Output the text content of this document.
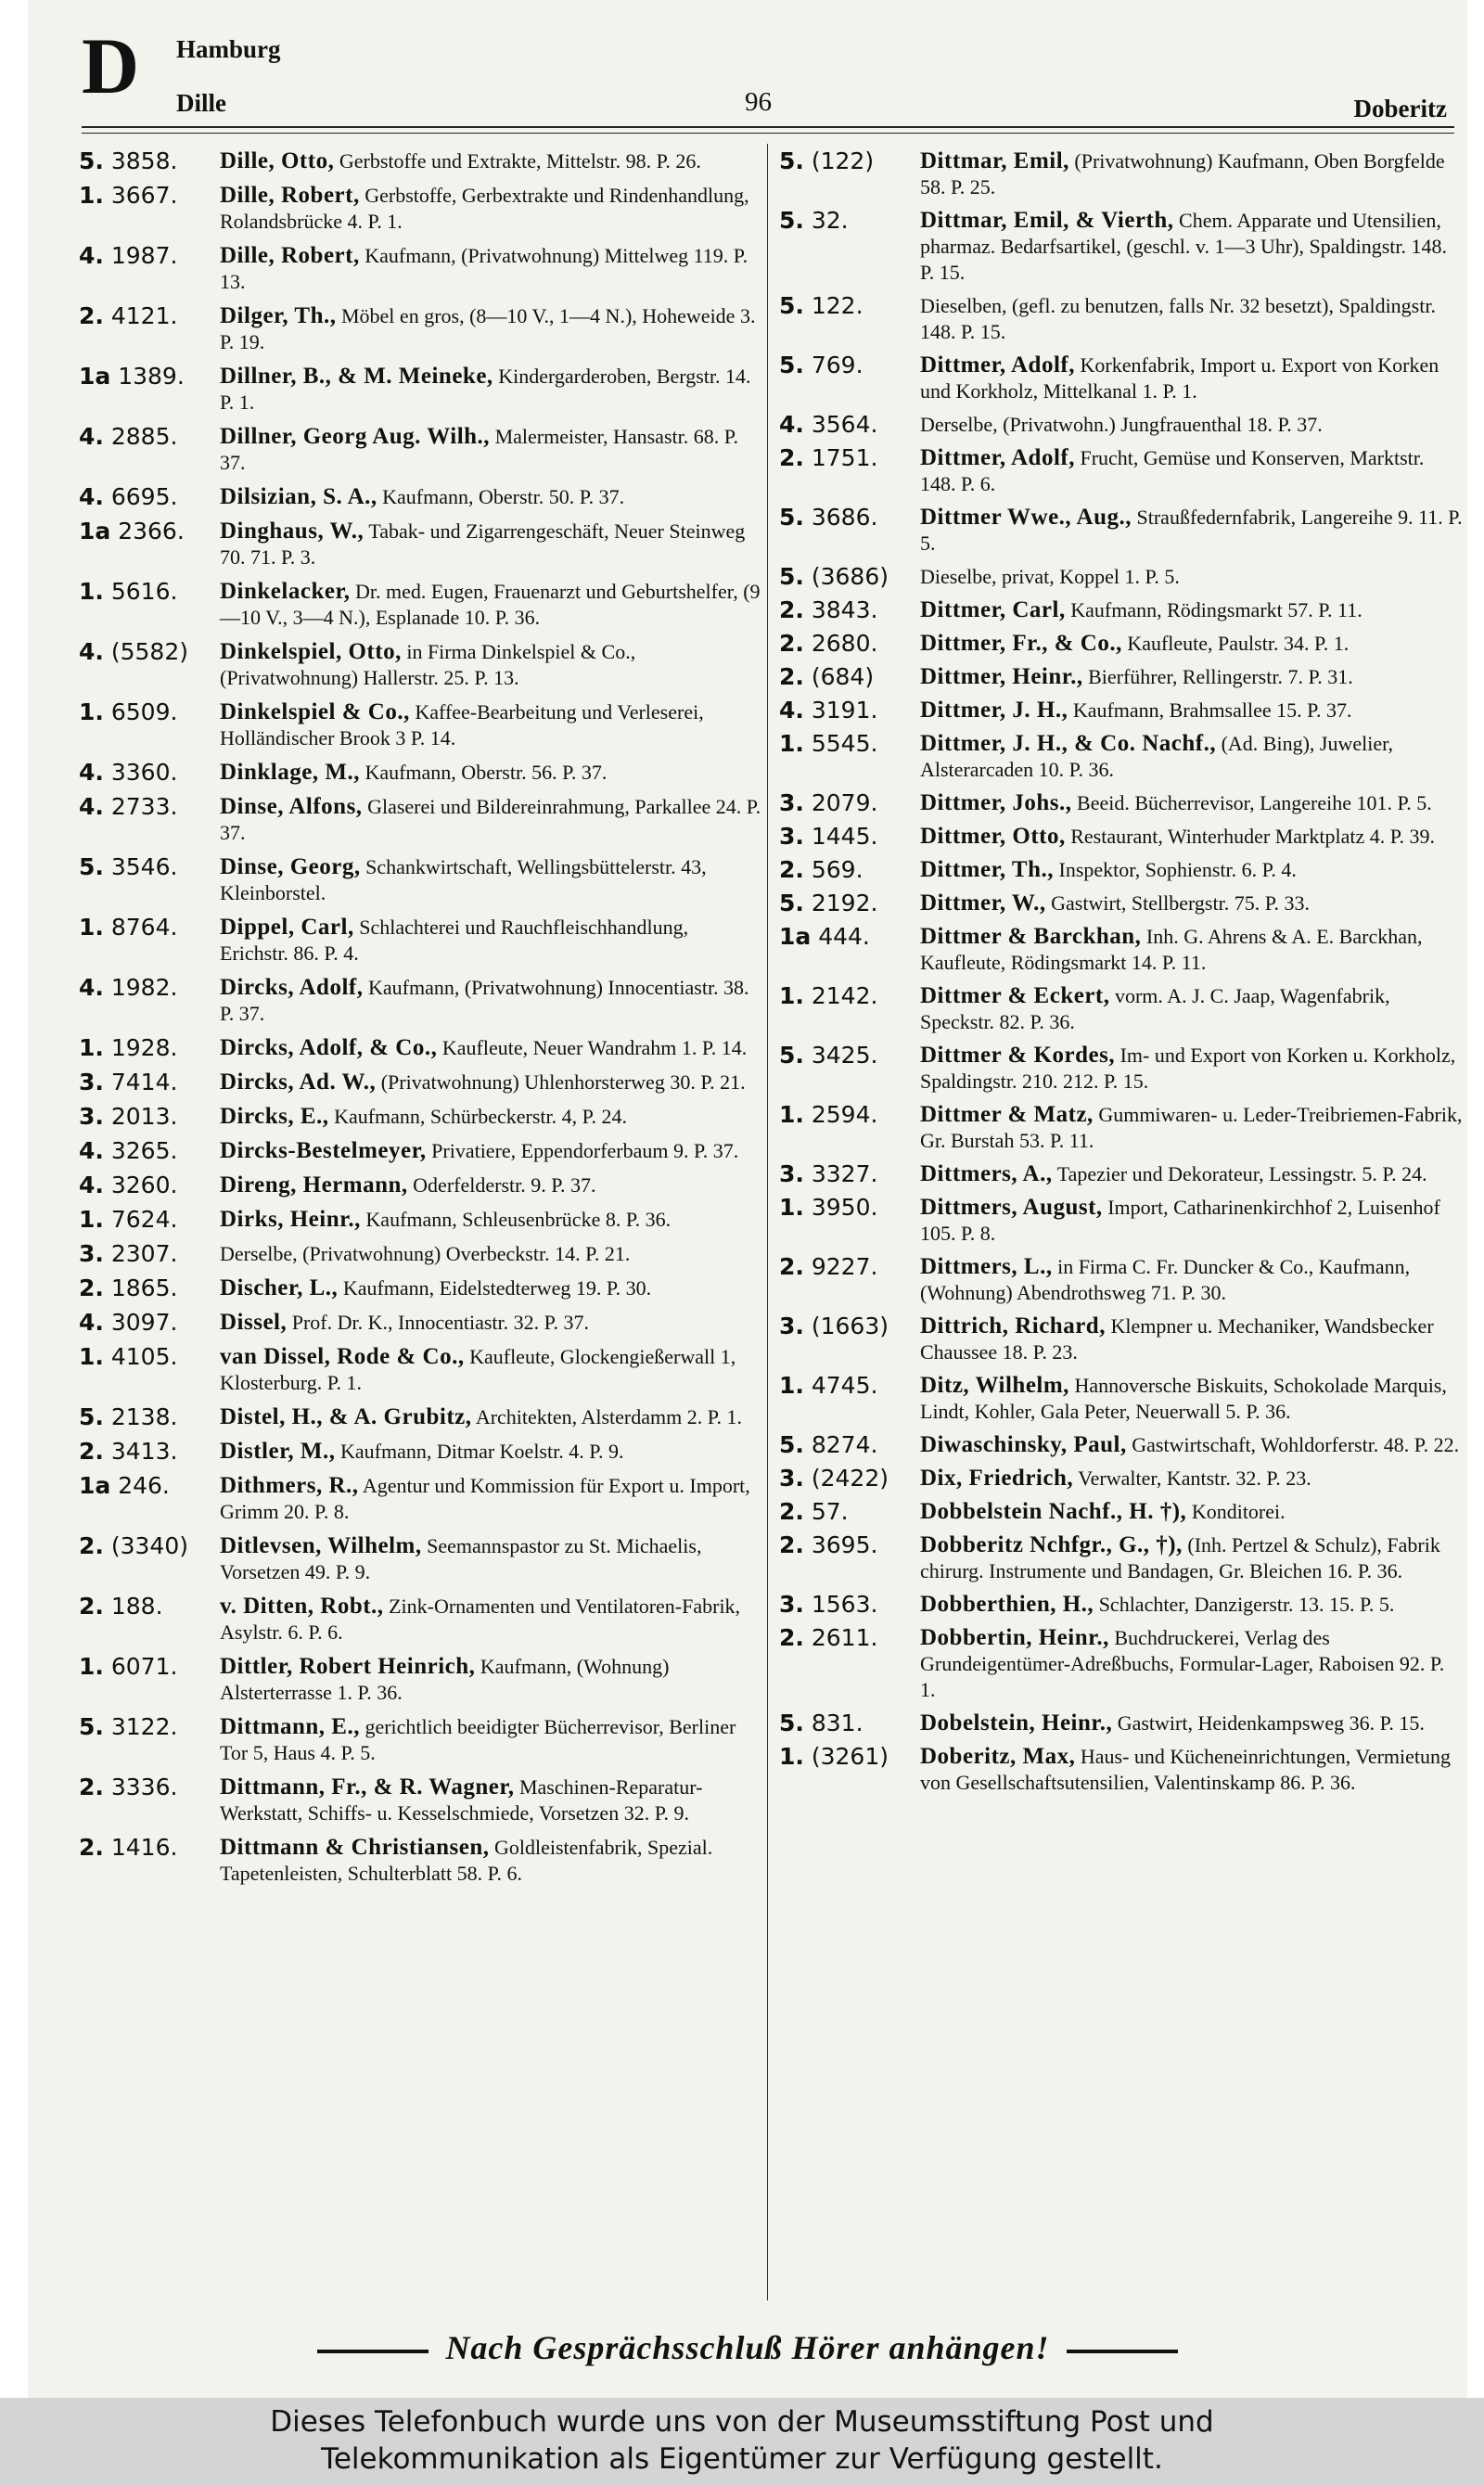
D Hamburg
Dille	96	Doberitz
5. 3858.	Dille, Otto, Gerbstoffe und Extrakte, Mittelstr. 98. P. 26.
1. 3667.	Dille, Robert, Gerbstoffe, Gerbextrakte und Rindenhandlung, Rolandsbrücke 4. P. 1.
4. 1987.	Dille, Robert, Kaufmann, (Privatwohnung) Mittelweg 119. P. 13.
2. 4121.	Dilger, Th., Möbel en gros, (8—10 V., 1—4 N.), Hoheweide 3. P. 19.
1a 1389.	Dillner, B., & M. Meineke, Kindergarderoben, Bergstr. 14. P. 1.
4. 2885.	Dillner, Georg Aug. Wilh., Malermeister, Hansastr. 68. P. 37.
4. 6695.	Dilsizian, S. A., Kaufmann, Oberstr. 50. P. 37.
1a 2366.	Dinghaus, W., Tabak- und Zigarrengeschäft, Neuer Steinweg 70. 71. P. 3.
1. 5616.	Dinkelacker, Dr. med. Eugen, Frauenarzt und Geburtshelfer, (9—10 V., 3—4 N.), Esplanade 10. P. 36.
4. (5582)	Dinkelspiel, Otto, in Firma Dinkelspiel & Co., (Privatwohnung) Hallerstr. 25. P. 13.
1. 6509.	Dinkelspiel & Co., Kaffee-Bearbeitung und Verleserei, Holländischer Brook 3 P. 14.
4. 3360.	Dinklage, M., Kaufmann, Oberstr. 56. P. 37.
4. 2733.	Dinse, Alfons, Glaserei und Bildereinrahmung, Parkallee 24. P. 37.
5. 3546.	Dinse, Georg, Schankwirtschaft, Wellingsbüttelerstr. 43, Kleinborstel.
1. 8764.	Dippel, Carl, Schlachterei und Rauchfleischhandlung, Erichstr. 86. P. 4.
4. 1982.	Dircks, Adolf, Kaufmann, (Privatwohnung) Innocentiastr. 38. P. 37.
1. 1928.	Dircks, Adolf, & Co., Kaufleute, Neuer Wandrahm 1. P. 14.
3. 7414.	Dircks, Ad. W., (Privatwohnung) Uhlenhorsterweg 30. P. 21.
3. 2013.	Dircks, E., Kaufmann, Schürbeckerstr. 4, P. 24.
4. 3265.	Dircks-Bestelmeyer, Privatiere, Eppendorferbaum 9. P. 37.
4. 3260.	Direng, Hermann, Oderfelderstr. 9. P. 37.
1. 7624.	Dirks, Heinr., Kaufmann, Schleusenbrücke 8. P. 36.
3. 2307.	Derselbe, (Privatwohnung) Overbeckstr. 14. P. 21.
2. 1865.	Discher, L., Kaufmann, Eidelstedterweg 19. P. 30.
4. 3097.	Dissel, Prof. Dr. K., Innocentiastr. 32. P. 37.
1. 4105.	van Dissel, Rode & Co., Kaufleute, Glockengießerwall 1, Klosterburg. P. 1.
5. 2138.	Distel, H., & A. Grubitz, Architekten, Alsterdamm 2. P. 1.
2. 3413.	Distler, M., Kaufmann, Ditmar Koelstr. 4. P. 9.
1a 246.	Dithmers, R., Agentur und Kommission für Export u. Import, Grimm 20. P. 8.
2. (3340)	Ditlevsen, Wilhelm, Seemannspastor zu St. Michaelis, Vorsetzen 49. P. 9.
2. 188.	v. Ditten, Robt., Zink-Ornamenten und Ventilatoren-Fabrik, Asylstr. 6. P. 6.
1. 6071.	Dittler, Robert Heinrich, Kaufmann, (Wohnung) Alsterterrasse 1. P. 36.
5. 3122.	Dittmann, E., gerichtlich beeidigter Bücherrevisor, Berliner Tor 5, Haus 4. P. 5.
2. 3336.	Dittmann, Fr., & R. Wagner, Maschinen-Reparatur-Werkstatt, Schiffs- u. Kesselschmiede, Vorsetzen 32. P. 9.
2. 1416.	Dittmann & Christiansen, Goldleistenfabrik, Spezial. Tapetenleisten, Schulterblatt 58. P. 6.
5. (122)	Dittmar, Emil, (Privatwohnung) Kaufmann, Oben Borgfelde 58. P. 25.
5. 32.	Dittmar, Emil, & Vierth, Chem. Apparate und Utensilien, pharmaz. Bedarfsartikel, (geschl. v. 1—3 Uhr), Spaldingstr. 148. P. 15.
5. 122.	Dieselben, (gefl. zu benutzen, falls Nr. 32 besetzt), Spaldingstr. 148. P. 15.
5. 769.	Dittmer, Adolf, Korkenfabrik, Import u. Export von Korken und Korkholz, Mittelkanal 1. P. 1.
4. 3564.	Derselbe, (Privatwohn.) Jungfrauenthal 18. P. 37.
2. 1751.	Dittmer, Adolf, Frucht, Gemüse und Konserven, Marktstr. 148. P. 6.
5. 3686.	Dittmer Wwe., Aug., Straußfedernfabrik, Langereihe 9. 11. P. 5.
5. (3686)	Dieselbe, privat, Koppel 1. P. 5.
2. 3843.	Dittmer, Carl, Kaufmann, Rödingsmarkt 57. P. 11.
2. 2680.	Dittmer, Fr., & Co., Kaufleute, Paulstr. 34. P. 1.
2. (684)	Dittmer, Heinr., Bierführer, Rellingerstr. 7. P. 31.
4. 3191.	Dittmer, J. H., Kaufmann, Brahmsallee 15. P. 37.
1. 5545.	Dittmer, J. H., & Co. Nachf., (Ad. Bing), Juwelier, Alsterarcaden 10. P. 36.
3. 2079.	Dittmer, Johs., Beeid. Bücherrevisor, Langereihe 101. P. 5.
3. 1445.	Dittmer, Otto, Restaurant, Winterhuder Marktplatz 4. P. 39.
2. 569.	Dittmer, Th., Inspektor, Sophienstr. 6. P. 4.
5. 2192.	Dittmer, W., Gastwirt, Stellbergstr. 75. P. 33.
1a 444.	Dittmer & Barckhan, Inh. G. Ahrens & A. E. Barckhan, Kaufleute, Rödingsmarkt 14. P. 11.
1. 2142.	Dittmer & Eckert, vorm. A. J. C. Jaap, Wagenfabrik, Speckstr. 82. P. 36.
5. 3425.	Dittmer & Kordes, Im- und Export von Korken u. Korkholz, Spaldingstr. 210. 212. P. 15.
1. 2594.	Dittmer & Matz, Gummiwaren- u. Leder-Treibriemen-Fabrik, Gr. Burstah 53. P. 11.
3. 3327.	Dittmers, A., Tapezier und Dekorateur, Lessingstr. 5. P. 24.
1. 3950.	Dittmers, August, Import, Catharinenkirchhof 2, Luisenhof 105. P. 8.
2. 9227.	Dittmers, L., in Firma C. Fr. Duncker & Co., Kaufmann, (Wohnung) Abendrothsweg 71. P. 30.
3. (1663)	Dittrich, Richard, Klempner u. Mechaniker, Wandsbecker Chaussee 18. P. 23.
1. 4745.	Ditz, Wilhelm, Hannoversche Biskuits, Schokolade Marquis, Lindt, Kohler, Gala Peter, Neuerwall 5. P. 36.
5. 8274.	Diwaschinsky, Paul, Gastwirtschaft, Wohldorferstr. 48. P. 22.
3. (2422)	Dix, Friedrich, Verwalter, Kantstr. 32. P. 23.
2. 57.	Dobbelstein Nachf., H. †), Konditorei.
2. 3695.	Dobberitz Nchfgr., G., †), (Inh. Pertzel & Schulz), Fabrik chirurg. Instrumente und Bandagen, Gr. Bleichen 16. P. 36.
3. 1563.	Dobberthien, H., Schlachter, Danzigerstr. 13. 15. P. 5.
2. 2611.	Dobbertin, Heinr., Buchdruckerei, Verlag des Grundeigentümer-Adreßbuchs, Formular-Lager, Raboisen 92. P. 1.
5. 831.	Dobelstein, Heinr., Gastwirt, Heidenkampsweg 36. P. 15.
1. (3261)	Doberitz, Max, Haus- und Kücheneinrichtungen, Vermietung von Gesellschaftsutensilien, Valentinskamp 86. P. 36.
Nach Gesprächsschluß Hörer anhängen!
Dieses Telefonbuch wurde uns von der Museumsstiftung Post und
Telekommunikation als Eigentümer zur Verfügung gestellt.
